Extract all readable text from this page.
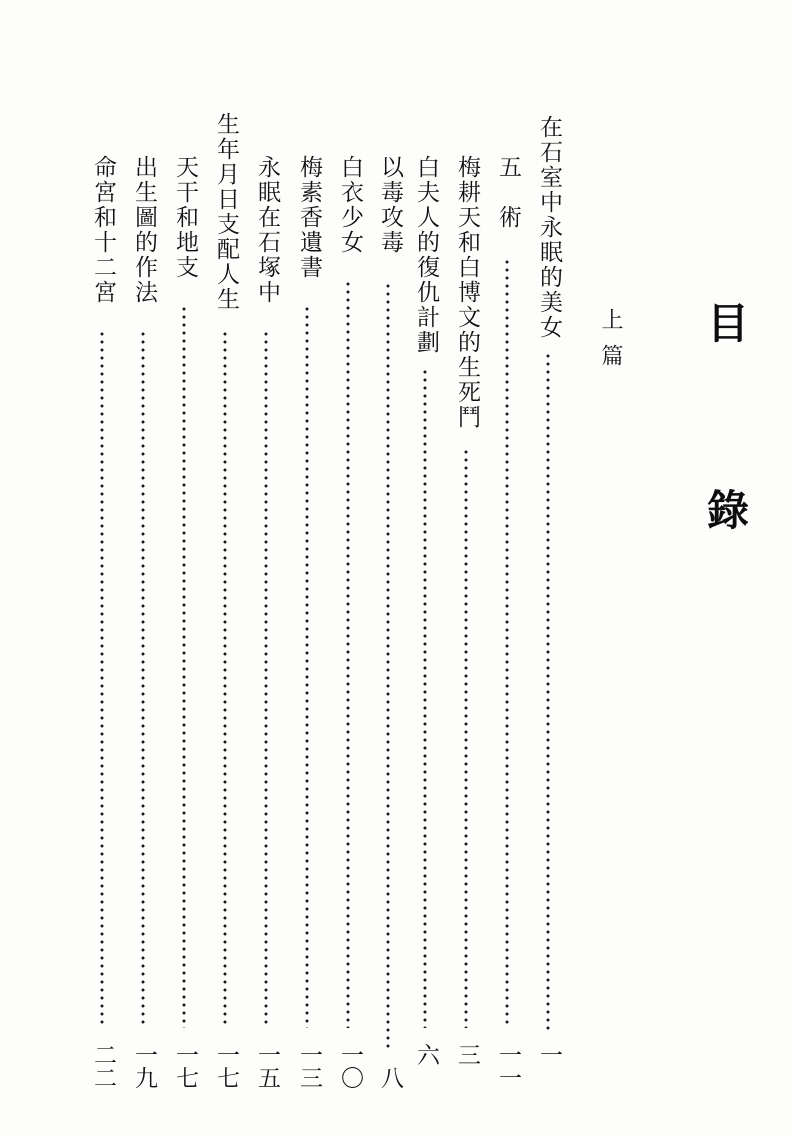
目
錄
上篇
在石室中永眠的美女
一
五　術
一一
梅耕天和白博文的生死鬥
三
白夫人的復仇計劃
六
以毒攻毒
八
白衣少女
一〇
梅素香遺書
一三
永眠在石塚中
一五
生年月日支配人生
一七
天干和地支
一七
出生圖的作法
一九
命宮和十二宮
二二
